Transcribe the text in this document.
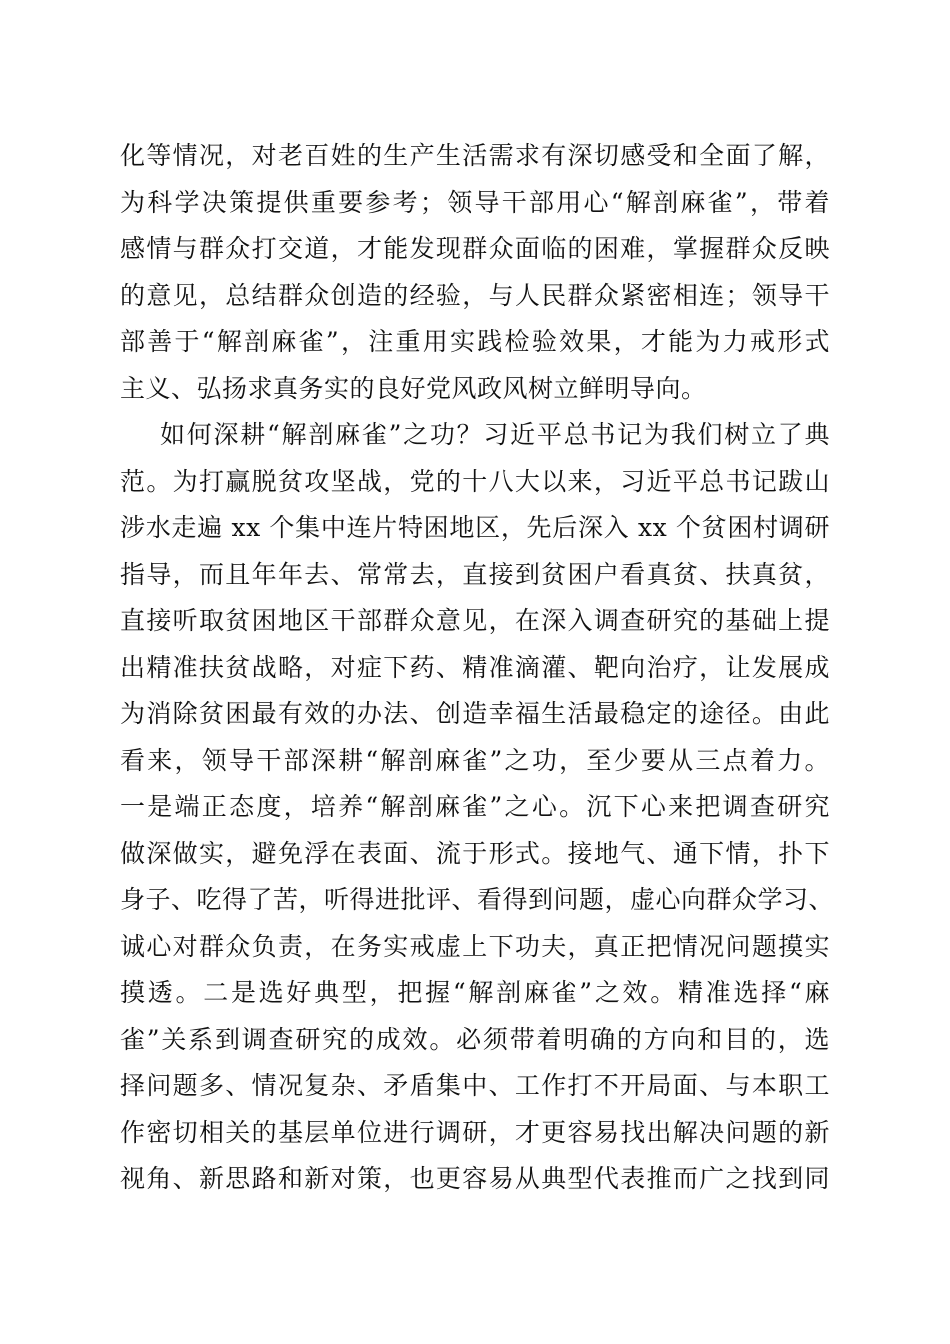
化等情况，对老百姓的生产生活需求有深切感受和全面了解，
为科学决策提供重要参考；领导干部用心“解剖麻雀”，带着
感情与群众打交道，才能发现群众面临的困难，掌握群众反映
的意见，总结群众创造的经验，与人民群众紧密相连；领导干
部善于“解剖麻雀”，注重用实践检验效果，才能为力戒形式
主义、弘扬求真务实的良好党风政风树立鲜明导向。
如何深耕“解剖麻雀”之功？习近平总书记为我们树立了典
范。为打赢脱贫攻坚战，党的十八大以来，习近平总书记跋山
涉水走遍 xx 个集中连片特困地区，先后深入 xx 个贫困村调研
指导，而且年年去、常常去，直接到贫困户看真贫、扶真贫，
直接听取贫困地区干部群众意见，在深入调查研究的基础上提
出精准扶贫战略，对症下药、精准滴灌、靶向治疗，让发展成
为消除贫困最有效的办法、创造幸福生活最稳定的途径。由此
看来，领导干部深耕“解剖麻雀”之功，至少要从三点着力。
一是端正态度，培养“解剖麻雀”之心。沉下心来把调查研究
做深做实，避免浮在表面、流于形式。接地气、通下情，扑下
身子、吃得了苦，听得进批评、看得到问题，虚心向群众学习、
诚心对群众负责，在务实戒虚上下功夫，真正把情况问题摸实
摸透。二是选好典型，把握“解剖麻雀”之效。精准选择“麻
雀”关系到调查研究的成效。必须带着明确的方向和目的，选
择问题多、情况复杂、矛盾集中、工作打不开局面、与本职工
作密切相关的基层单位进行调研，才更容易找出解决问题的新
视角、新思路和新对策，也更容易从典型代表推而广之找到同
